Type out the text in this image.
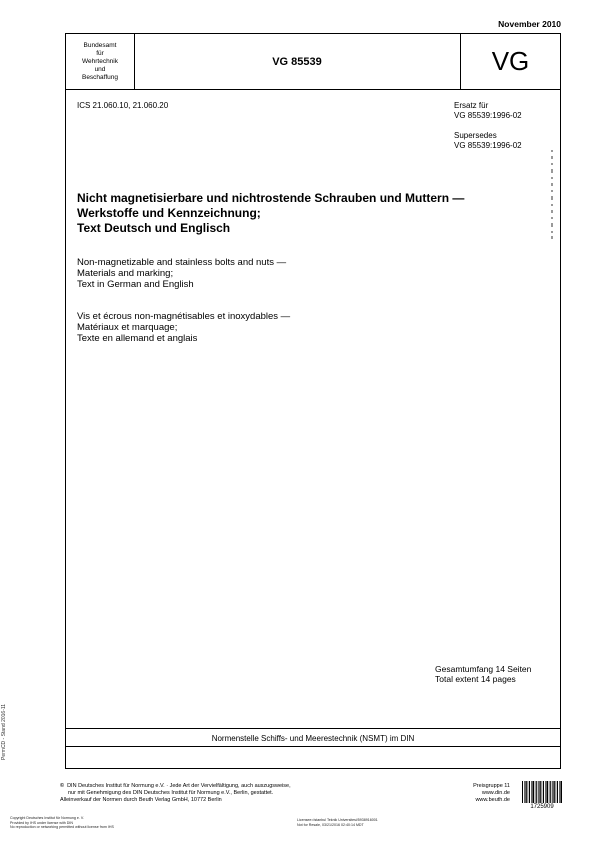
November 2010
Bundesamt
für
Wehrtechnik
und
Beschaffung
VG 85539	VG
ICS 21.060.10, 21.060.20	Ersatz für
VG 85539:1996-02
Supersedes
VG 85539:1996-02
Nicht magnetisierbare und nichtrostende Schrauben und Muttern —
Werkstoffe und Kennzeichnung;
Text Deutsch und Englisch
Non-magnetizable and stainless bolts and nuts —
Materials and marking;
Text in German and English
Vis et écrous non-magnétisables et inoxydables —
Matériaux et marquage;
Texte en allemand et anglais
Gesamtumfang 14 Seiten
Total extent 14 pages
Normenstelle Schiffs- und Meerestechnik (NSMT) im DIN
© DIN Deutsches Institut für Normung e.V. · Jede Art der Vervielfältigung, auch auszugsweise,
nur mit Genehmigung des DIN Deutsches Institut für Normung e.V., Berlin, gestattet.
Alleinverkauf der Normen durch Beuth Verlag GmbH, 10772 Berlin
Preisgruppe 11
www.din.de
www.beuth.de
1725909
Copyright Deutsches Institut für Normung e. V.
Provided by IHS under license with DIN
No reproduction or networking permitted without license from IHS
Licensee=Istanbul Teknik Universitesi/5938916001
Not for Resale, 03/21/2016 02:40:14 MDT
PermCD - Stand 2016-11
